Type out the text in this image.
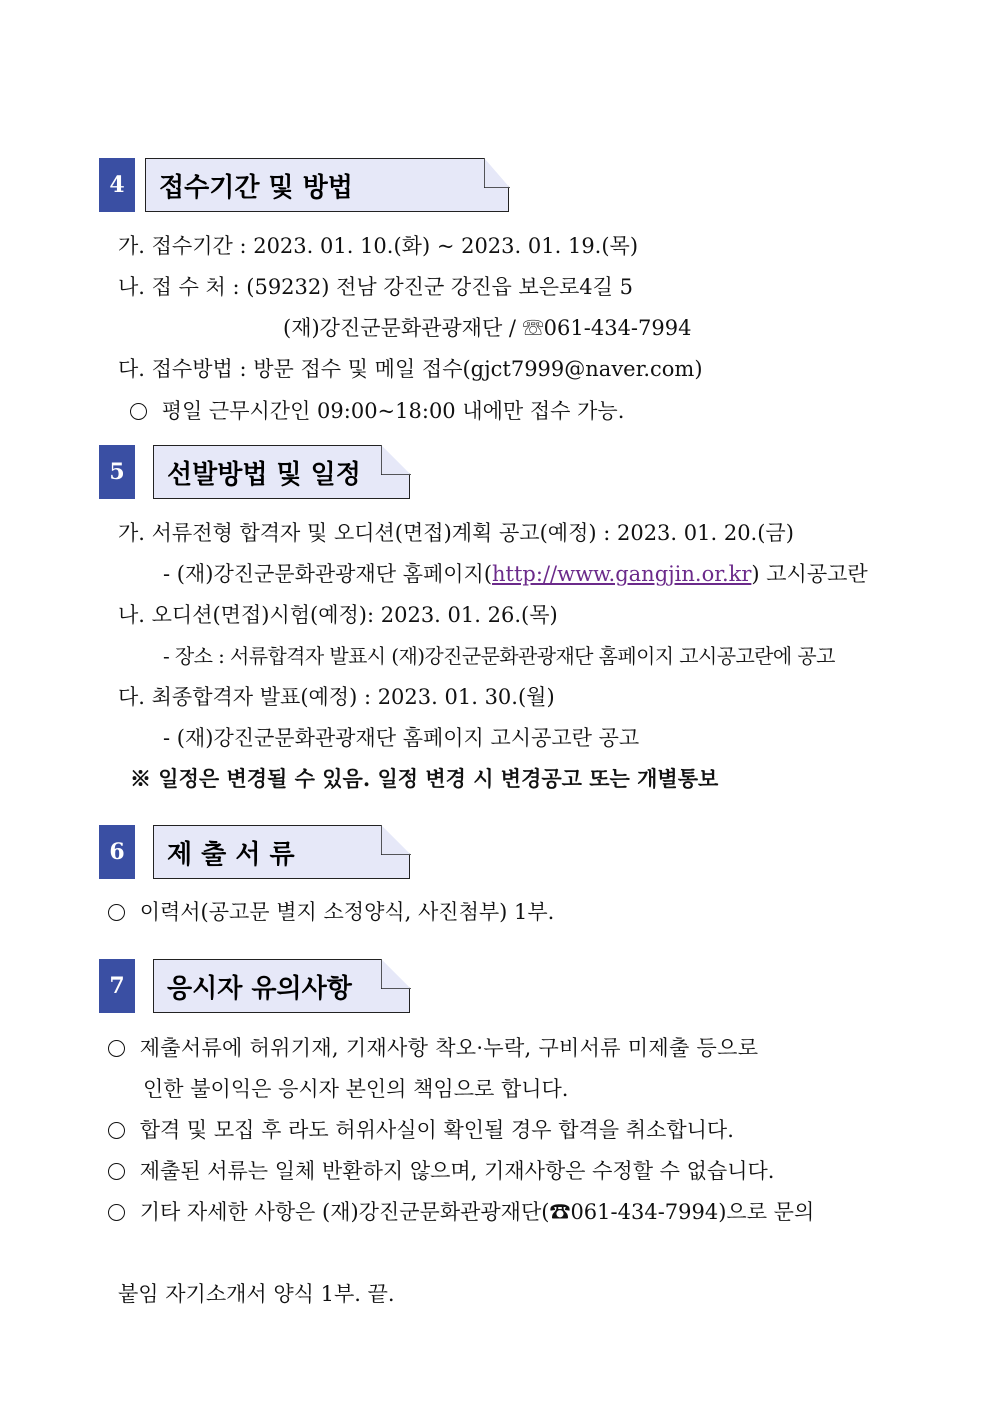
4	접수기간 및 방법
가. 접수기간 : 2023. 01. 10.(화) ~ 2023. 01. 19.(목)
나. 접 수 처 : (59232) 전남 강진군 강진읍 보은로4길 5
(재)강진군문화관광재단 / ☏061-434-7994
다. 접수방법 : 방문 접수 및 메일 접수(gjct7999@naver.com)
평일 근무시간인 09:00~18:00 내에만 접수 가능.
5	선발방법 및 일정
가. 서류전형 합격자 및 오디션(면접)계획 공고(예정) : 2023. 01. 20.(금)
- (재)강진군문화관광재단 홈페이지(http://www.gangjin.or.kr) 고시공고란
나. 오디션(면접)시험(예정): 2023. 01. 26.(목)
- 장소 : 서류합격자 발표시 (재)강진군문화관광재단 홈페이지 고시공고란에 공고
다. 최종합격자 발표(예정) : 2023. 01. 30.(월)
- (재)강진군문화관광재단 홈페이지 고시공고란 공고
※ 일정은 변경될 수 있음. 일정 변경 시 변경공고 또는 개별통보
6	제 출 서 류
이력서(공고문 별지 소정양식, 사진첨부) 1부.
7	응시자 유의사항
제출서류에 허위기재, 기재사항 착오·누락, 구비서류 미제출 등으로
인한 불이익은 응시자 본인의 책임으로 합니다.
합격 및 모집 후 라도 허위사실이 확인될 경우 합격을 취소합니다.
제출된 서류는 일체 반환하지 않으며, 기재사항은 수정할 수 없습니다.
기타 자세한 사항은 (재)강진군문화관광재단(☎061-434-7994)으로 문의
붙임 자기소개서 양식 1부. 끝.
